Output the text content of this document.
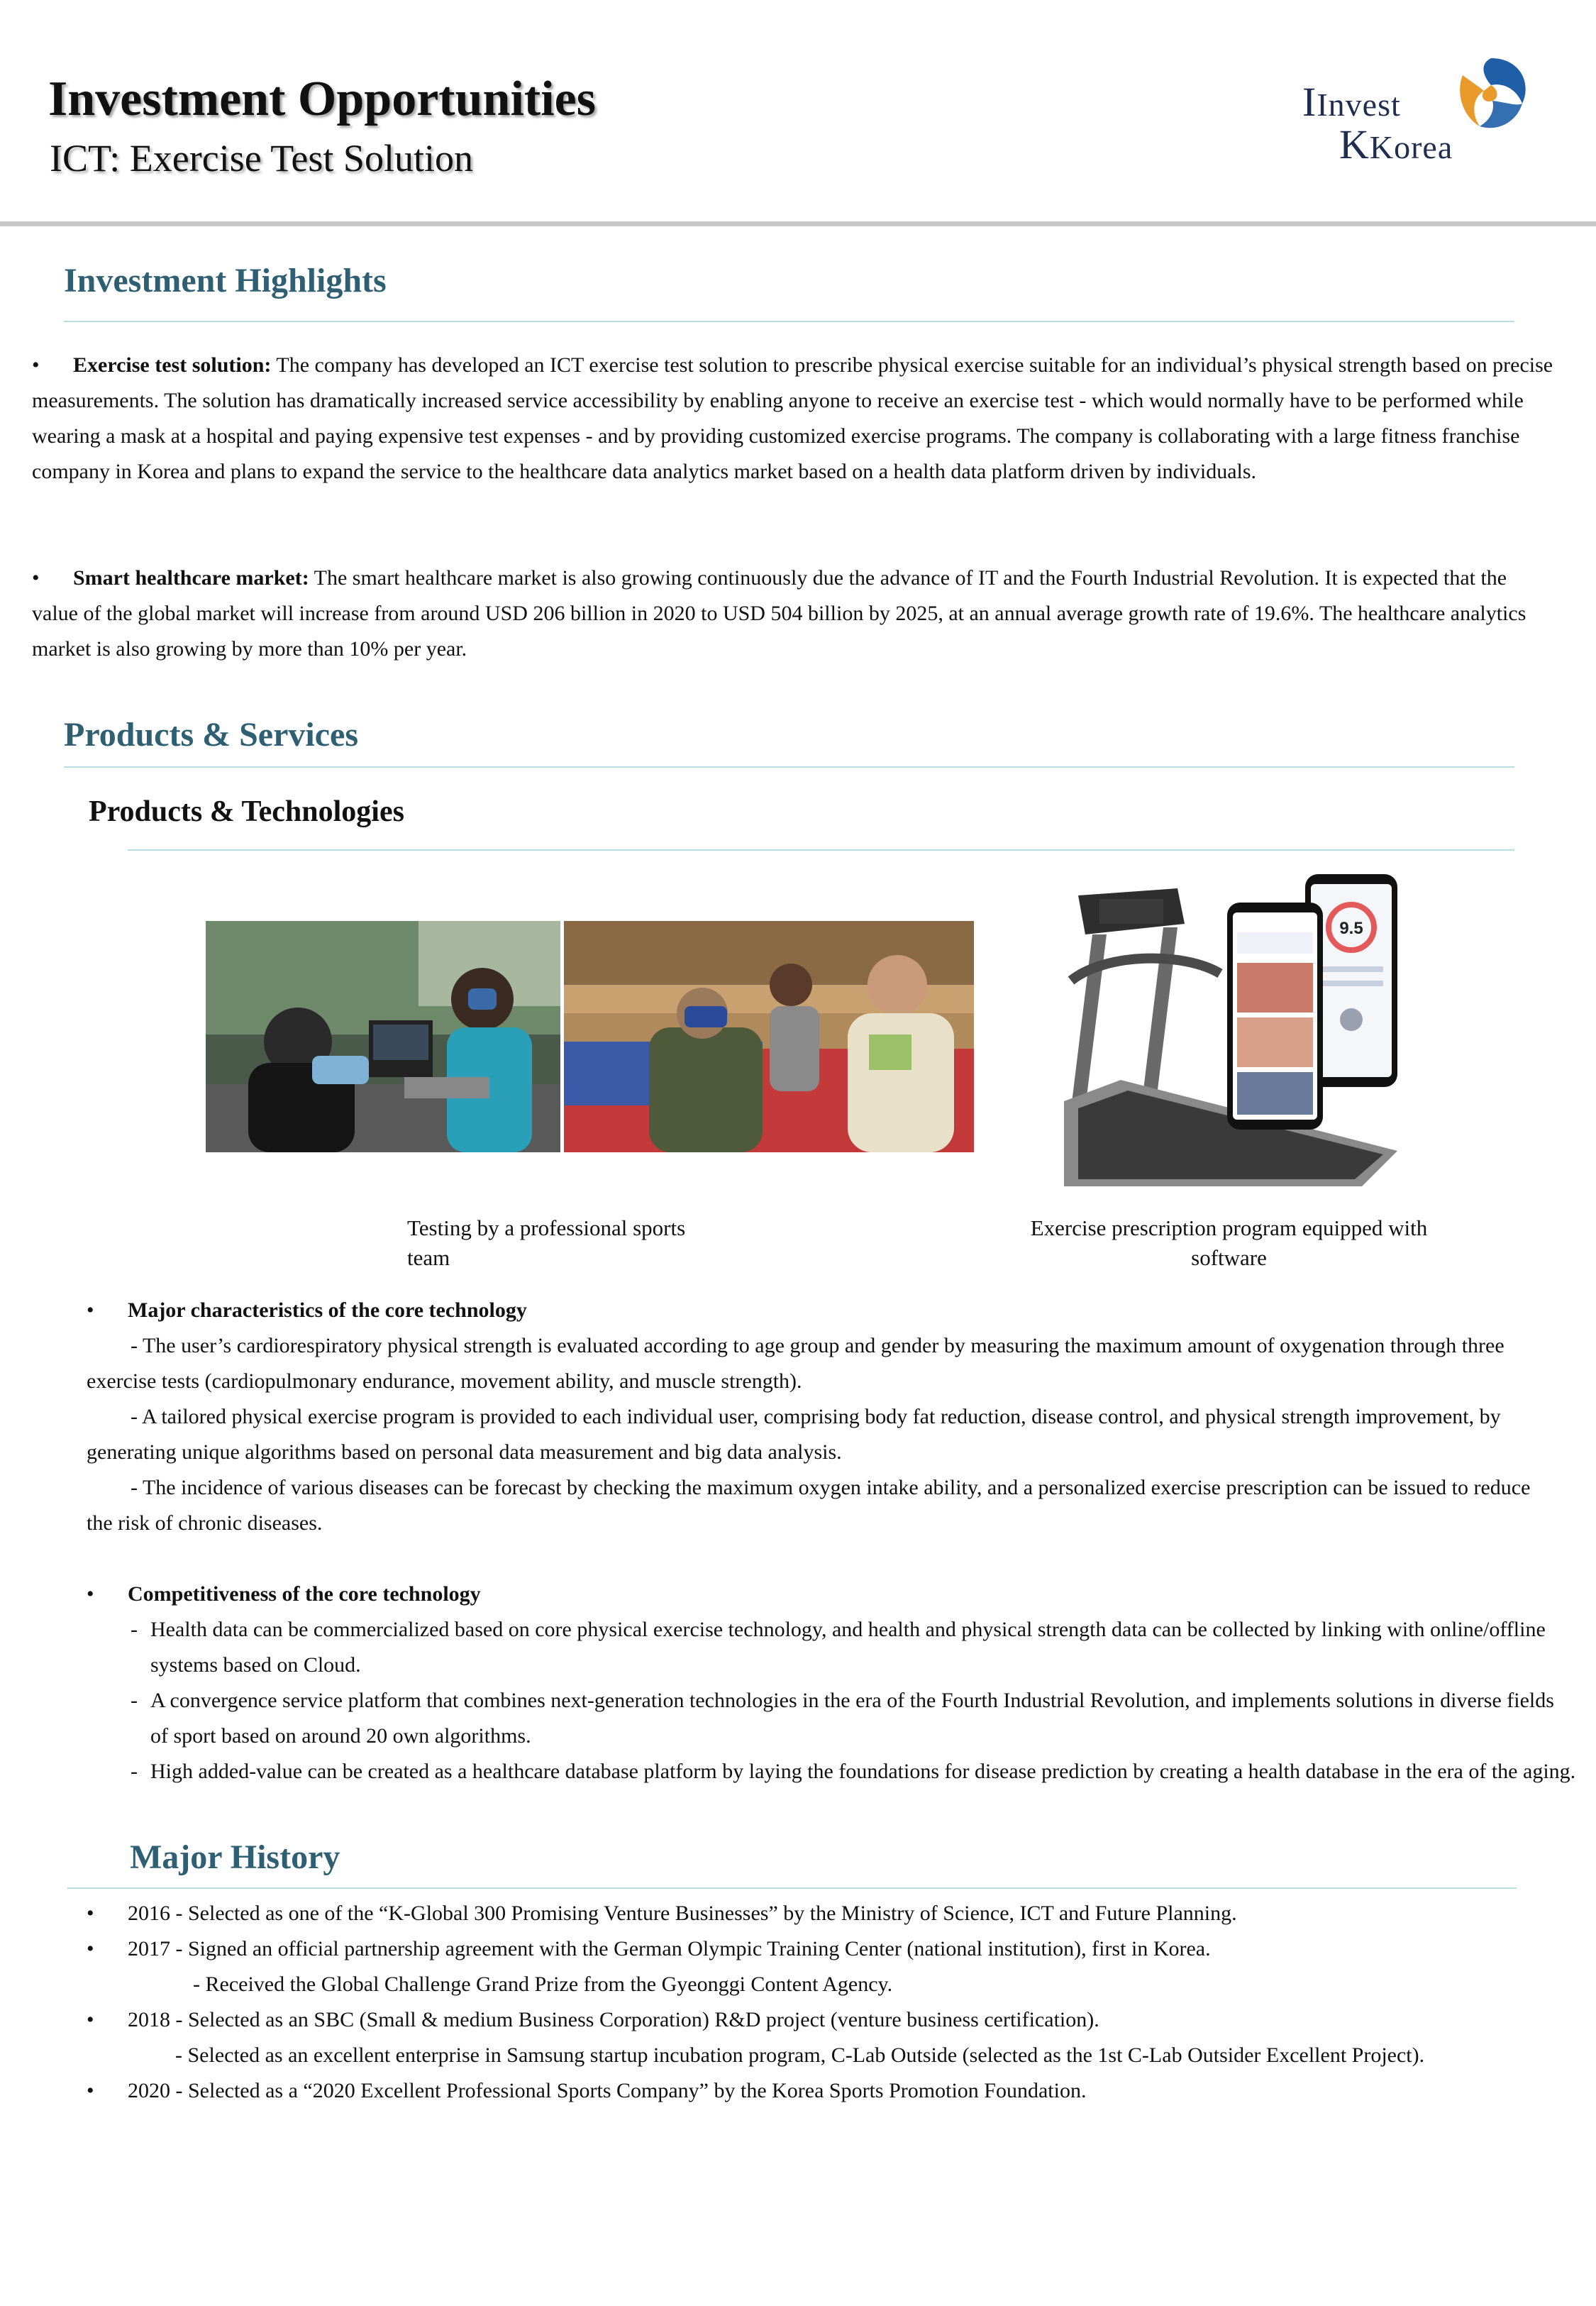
Investment Opportunities
ICT: Exercise Test Solution
IInvest
KKorea
Investment Highlights
• Exercise test solution: The company has developed an ICT exercise test solution to prescribe physical exercise suitable for an individual’s physical strength based on precise measurements. The solution has dramatically increased service accessibility by enabling anyone to receive an exercise test - which would normally have to be performed while wearing a mask at a hospital and paying expensive test expenses - and by providing customized exercise programs. The company is collaborating with a large fitness franchise company in Korea and plans to expand the service to the healthcare data analytics market based on a health data platform driven by individuals.
• Smart healthcare market: The smart healthcare market is also growing continuously due the advance of IT and the Fourth Industrial Revolution. It is expected that the value of the global market will increase from around USD 206 billion in 2020 to USD 504 billion by 2025, at an annual average growth rate of 19.6%. The healthcare analytics market is also growing by more than 10% per year.
Products & Services
Products & Technologies
9.5
Testing by a professional sports team
Exercise prescription program equipped with software
• Major characteristics of the core technology
- The user’s cardiorespiratory physical strength is evaluated according to age group and gender by measuring the maximum amount of oxygenation through three exercise tests (cardiopulmonary endurance, movement ability, and muscle strength).
- A tailored physical exercise program is provided to each individual user, comprising body fat reduction, disease control, and physical strength improvement, by generating unique algorithms based on personal data measurement and big data analysis.
- The incidence of various diseases can be forecast by checking the maximum oxygen intake ability, and a personalized exercise prescription can be issued to reduce the risk of chronic diseases.
• Competitiveness of the core technology
- Health data can be commercialized based on core physical exercise technology, and health and physical strength data can be collected by linking with online/offline systems based on Cloud.
- A convergence service platform that combines next-generation technologies in the era of the Fourth Industrial Revolution, and implements solutions in diverse fields of sport based on around 20 own algorithms.
- High added-value can be created as a healthcare database platform by laying the foundations for disease prediction by creating a health database in the era of the aging.
Major History
• 2016 - Selected as one of the “K-Global 300 Promising Venture Businesses” by the Ministry of Science, ICT and Future Planning.
• 2017 - Signed an official partnership agreement with the German Olympic Training Center (national institution), first in Korea.
- Received the Global Challenge Grand Prize from the Gyeonggi Content Agency.
• 2018 - Selected as an SBC (Small & medium Business Corporation) R&D project (venture business certification).
- Selected as an excellent enterprise in Samsung startup incubation program, C-Lab Outside (selected as the 1st C-Lab Outsider Excellent Project).
• 2020 - Selected as a “2020 Excellent Professional Sports Company” by the Korea Sports Promotion Foundation.
